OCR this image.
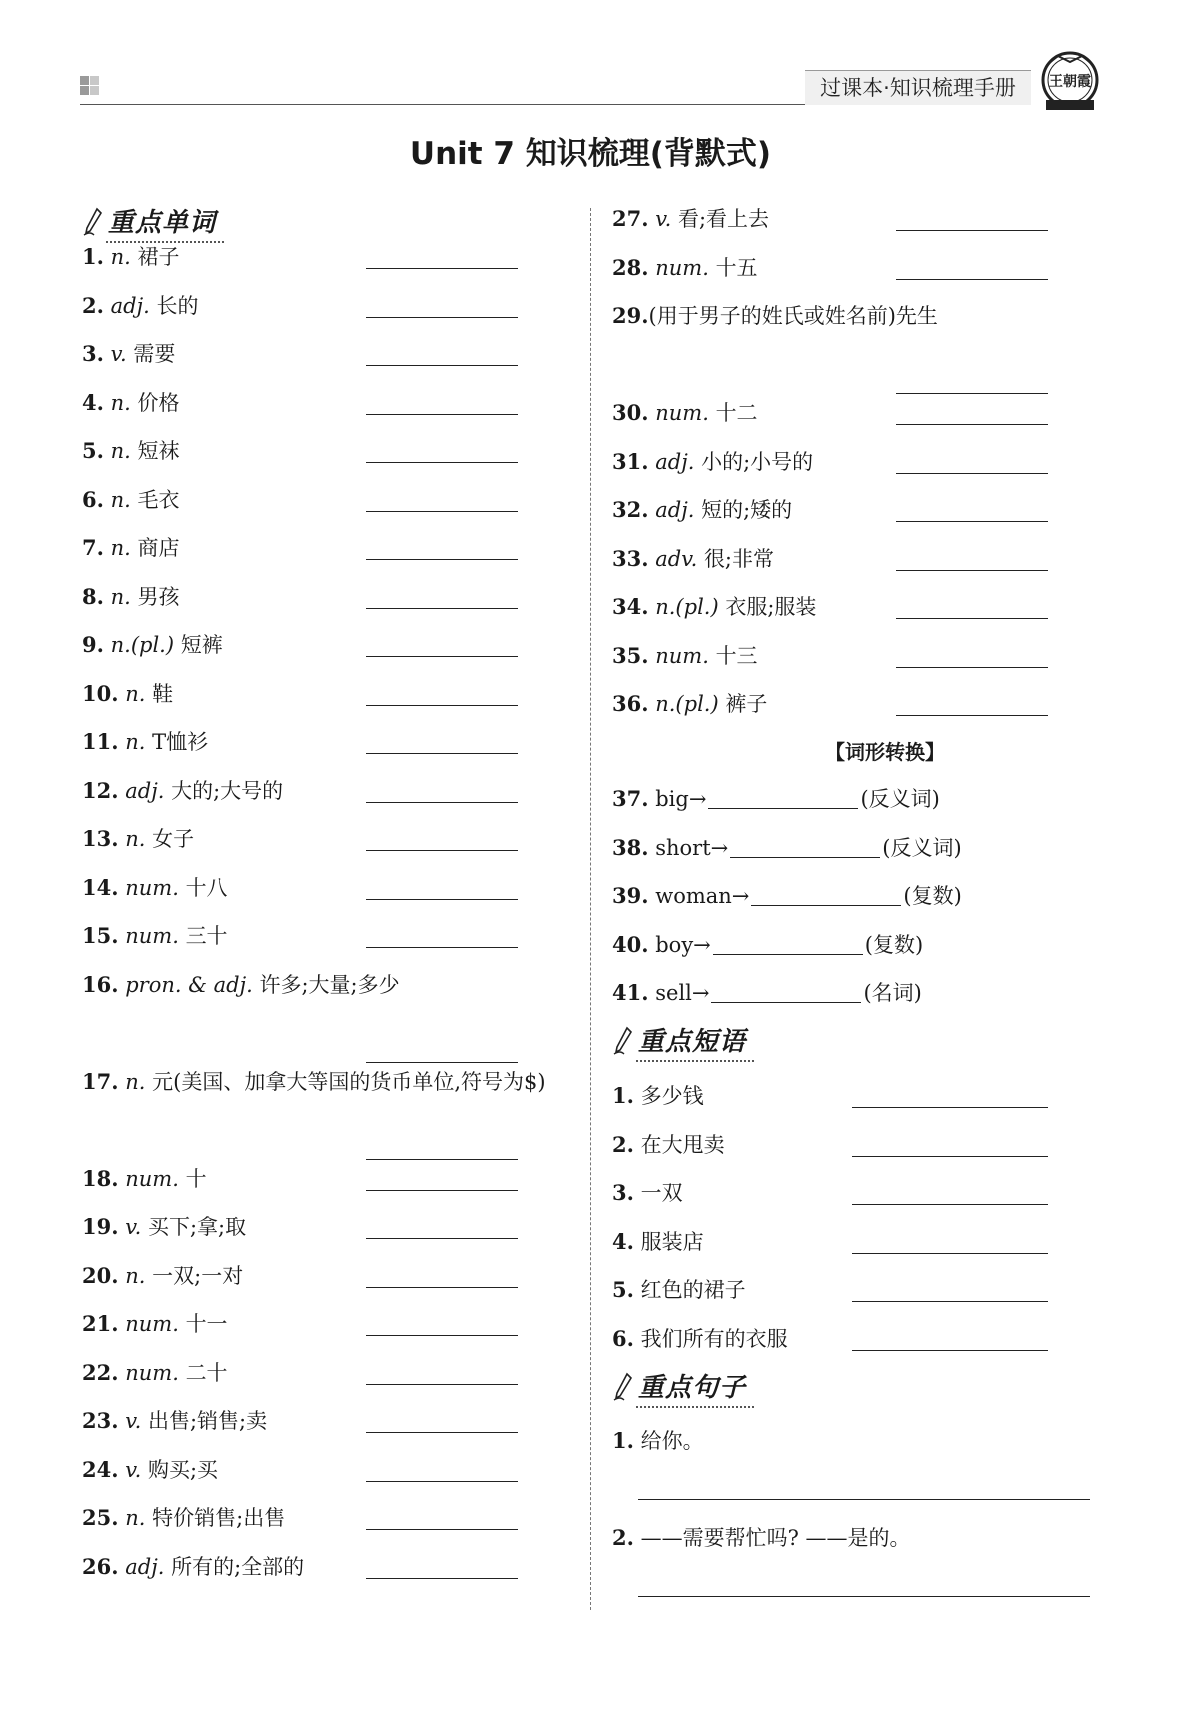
过课本·知识梳理手册	王朝霞
Unit 7 知识梳理(背默式)
重点单词
1. n. 裙子
2. adj. 长的
3. v. 需要
4. n. 价格
5. n. 短袜
6. n. 毛衣
7. n. 商店
8. n. 男孩
9. n.(pl.) 短裤
10. n. 鞋
11. n. T恤衫
12. adj. 大的;大号的
13. n. 女子
14. num. 十八
15. num. 三十
16. pron. & adj. 许多;大量;多少
17. n. 元(美国、加拿大等国的货币单位,符号为$)
18. num. 十
19. v. 买下;拿;取
20. n. 一双;一对
21. num. 十一
22. num. 二十
23. v. 出售;销售;卖
24. v. 购买;买
25. n. 特价销售;出售
26. adj. 所有的;全部的
27. v. 看;看上去
28. num. 十五
29.(用于男子的姓氏或姓名前)先生
30. num. 十二
31. adj. 小的;小号的
32. adj. 短的;矮的
33. adv. 很;非常
34. n.(pl.) 衣服;服装
35. num. 十三
36. n.(pl.) 裤子
【词形转换】
37. big→	(反义词)
38. short→	(反义词)
39. woman→	(复数)
40. boy→	(复数)
41. sell→	(名词)
重点短语
1. 多少钱
2. 在大甩卖
3. 一双
4. 服装店
5. 红色的裙子
6. 我们所有的衣服
重点句子
1. 给你。
2. ——需要帮忙吗? ——是的。
